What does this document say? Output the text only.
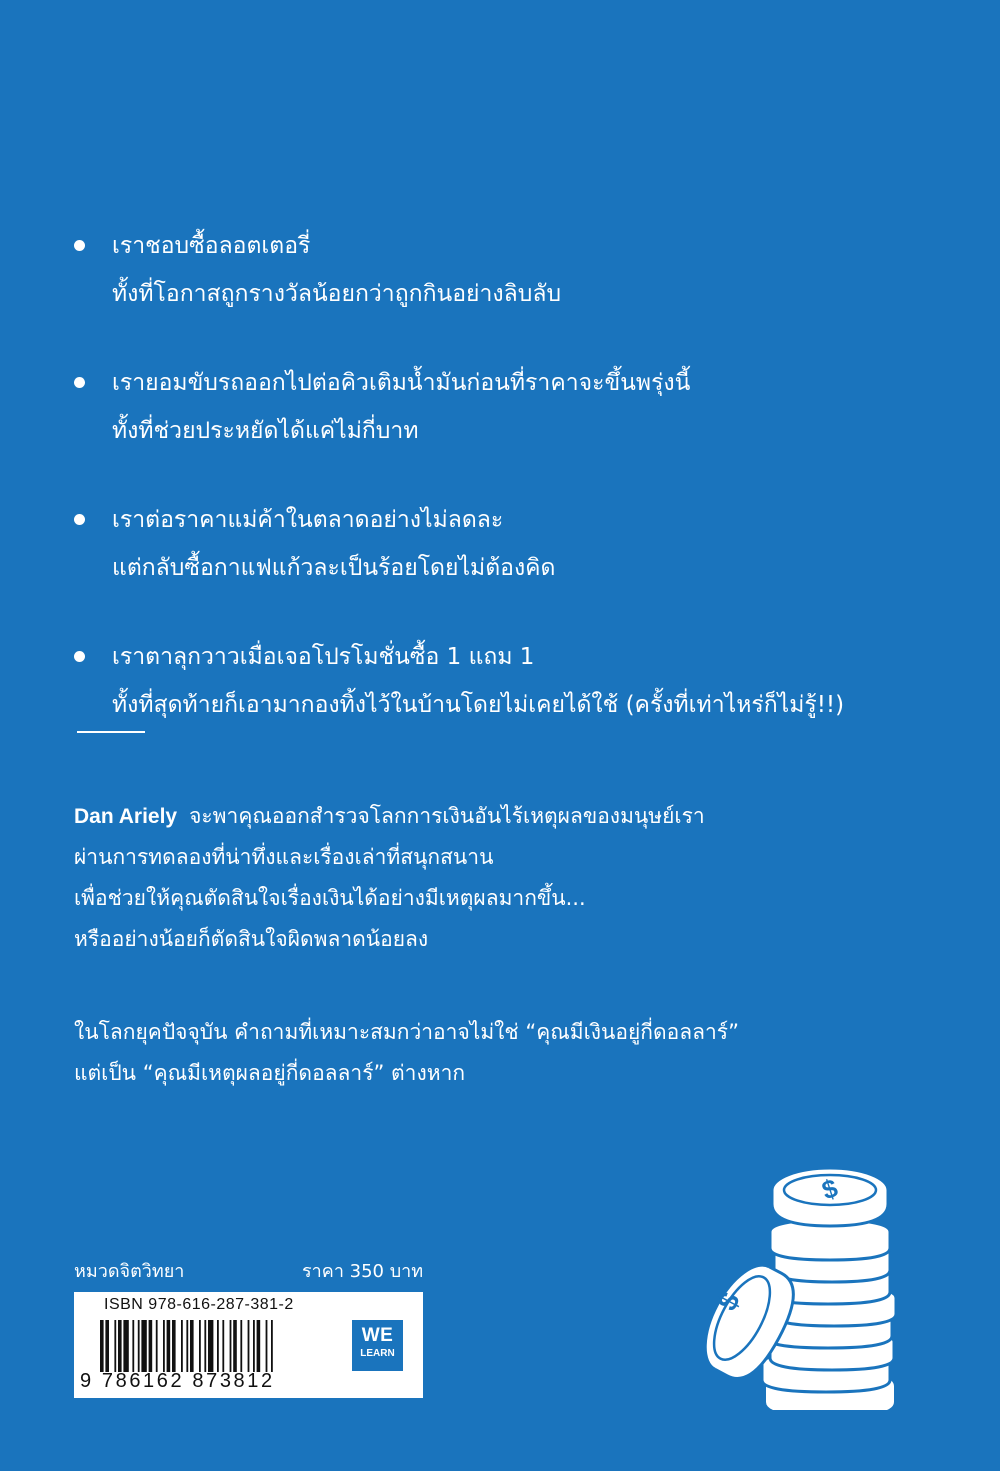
เราชอบซื้อลอตเตอรี่
ทั้งที่โอกาสถูกรางวัลน้อยกว่าถูกกินอย่างลิบลับ
เรายอมขับรถออกไปต่อคิวเติมน้ำมันก่อนที่ราคาจะขึ้นพรุ่งนี้
ทั้งที่ช่วยประหยัดได้แค่ไม่กี่บาท
เราต่อราคาแม่ค้าในตลาดอย่างไม่ลดละ
แต่กลับซื้อกาแฟแก้วละเป็นร้อยโดยไม่ต้องคิด
เราตาลุกวาวเมื่อเจอโปรโมชั่นซื้อ 1 แถม 1
ทั้งที่สุดท้ายก็เอามากองทิ้งไว้ในบ้านโดยไม่เคยได้ใช้ (ครั้งที่เท่าไหร่ก็ไม่รู้!!)
Dan Ariely จะพาคุณออกสำรวจโลกการเงินอันไร้เหตุผลของมนุษย์เรา
ผ่านการทดลองที่น่าทึ่งและเรื่องเล่าที่สนุกสนาน
เพื่อช่วยให้คุณตัดสินใจเรื่องเงินได้อย่างมีเหตุผลมากขึ้น...
หรืออย่างน้อยก็ตัดสินใจผิดพลาดน้อยลง
ในโลกยุคปัจจุบัน คำถามที่เหมาะสมกว่าอาจไม่ใช่ “คุณมีเงินอยู่กี่ดอลลาร์”
แต่เป็น “คุณมีเหตุผลอยู่กี่ดอลลาร์” ต่างหาก
หมวดจิตวิทยา	ราคา 350 บาท
ISBN 978-616-287-381-2
9 786162 873812
WE
LEARN
$
$
